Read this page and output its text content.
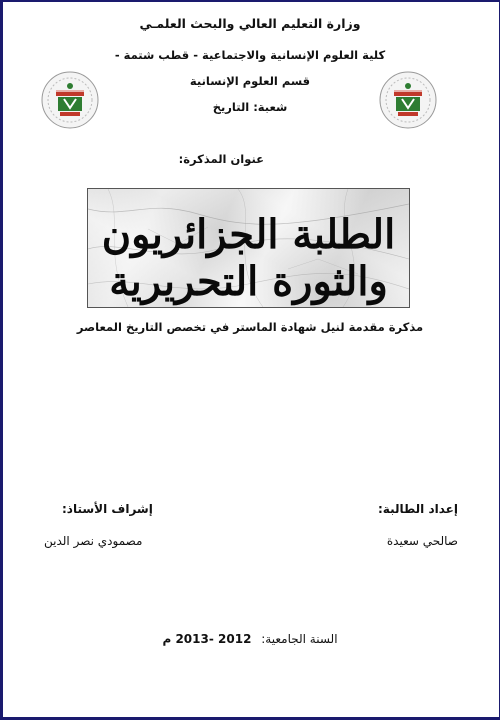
وزارة التعليم العالي والبحث العلمـي
كلية العلوم الإنسانية والاجتماعية - قطب شتمة -
قسم العلوم الإنسانية
شعبة: التاريخ
عنوان المذكرة:
الطلبة الجزائريون والثورة التحريرية
مذكرة مقدمة لنيل شهادة الماستر في تخصص التاريخ المعاصر
إعداد الطالبة:
صالحي سعيدة
إشراف الأستاذ:
مصمودي نصر الدين
السنة الجامعية: 2012 -2013 م
